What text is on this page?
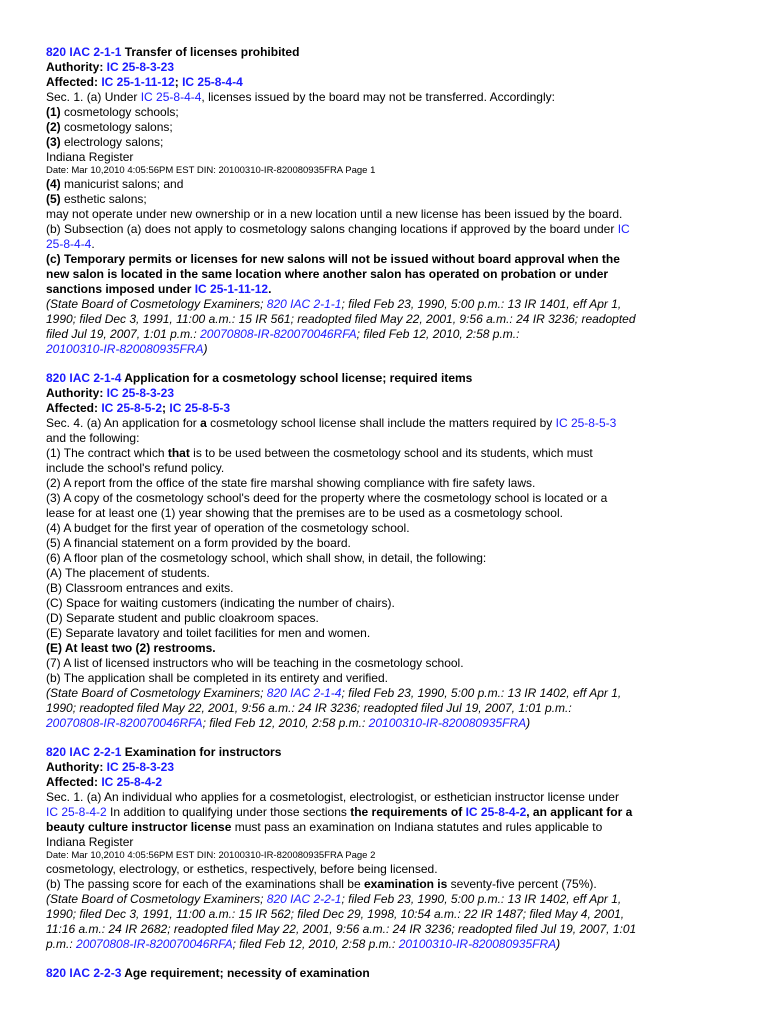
820 IAC 2-1-1 Transfer of licenses prohibited
Authority: IC 25-8-3-23
Affected: IC 25-1-11-12; IC 25-8-4-4
Sec. 1. (a) Under IC 25-8-4-4, licenses issued by the board may not be transferred. Accordingly:
(1) cosmetology schools;
(2) cosmetology salons;
(3) electrology salons;
Indiana Register
Date: Mar 10,2010 4:05:56PM EST DIN: 20100310-IR-820080935FRA Page 1
(4) manicurist salons; and
(5) esthetic salons;
may not operate under new ownership or in a new location until a new license has been issued by the board.
(b) Subsection (a) does not apply to cosmetology salons changing locations if approved by the board under IC
25-8-4-4.
(c) Temporary permits or licenses for new salons will not be issued without board approval when the
new salon is located in the same location where another salon has operated on probation or under
sanctions imposed under IC 25-1-11-12.
(State Board of Cosmetology Examiners; 820 IAC 2-1-1; filed Feb 23, 1990, 5:00 p.m.: 13 IR 1401, eff Apr 1,
1990; filed Dec 3, 1991, 11:00 a.m.: 15 IR 561; readopted filed May 22, 2001, 9:56 a.m.: 24 IR 3236; readopted
filed Jul 19, 2007, 1:01 p.m.: 20070808-IR-820070046RFA; filed Feb 12, 2010, 2:58 p.m.:
20100310-IR-820080935FRA)
820 IAC 2-1-4 Application for a cosmetology school license; required items
Authority: IC 25-8-3-23
Affected: IC 25-8-5-2; IC 25-8-5-3
Sec. 4. (a) An application for a cosmetology school license shall include the matters required by IC 25-8-5-3
and the following:
(1) The contract which that is to be used between the cosmetology school and its students, which must
include the school's refund policy.
(2) A report from the office of the state fire marshal showing compliance with fire safety laws.
(3) A copy of the cosmetology school's deed for the property where the cosmetology school is located or a
lease for at least one (1) year showing that the premises are to be used as a cosmetology school.
(4) A budget for the first year of operation of the cosmetology school.
(5) A financial statement on a form provided by the board.
(6) A floor plan of the cosmetology school, which shall show, in detail, the following:
(A) The placement of students.
(B) Classroom entrances and exits.
(C) Space for waiting customers (indicating the number of chairs).
(D) Separate student and public cloakroom spaces.
(E) Separate lavatory and toilet facilities for men and women.
(E) At least two (2) restrooms.
(7) A list of licensed instructors who will be teaching in the cosmetology school.
(b) The application shall be completed in its entirety and verified.
(State Board of Cosmetology Examiners; 820 IAC 2-1-4; filed Feb 23, 1990, 5:00 p.m.: 13 IR 1402, eff Apr 1,
1990; readopted filed May 22, 2001, 9:56 a.m.: 24 IR 3236; readopted filed Jul 19, 2007, 1:01 p.m.:
20070808-IR-820070046RFA; filed Feb 12, 2010, 2:58 p.m.: 20100310-IR-820080935FRA)
820 IAC 2-2-1 Examination for instructors
Authority: IC 25-8-3-23
Affected: IC 25-8-4-2
Sec. 1. (a) An individual who applies for a cosmetologist, electrologist, or esthetician instructor license under
IC 25-8-4-2 In addition to qualifying under those sections the requirements of IC 25-8-4-2, an applicant for a
beauty culture instructor license must pass an examination on Indiana statutes and rules applicable to
Indiana Register
Date: Mar 10,2010 4:05:56PM EST DIN: 20100310-IR-820080935FRA Page 2
cosmetology, electrology, or esthetics, respectively, before being licensed.
(b) The passing score for each of the examinations shall be examination is seventy-five percent (75%).
(State Board of Cosmetology Examiners; 820 IAC 2-2-1; filed Feb 23, 1990, 5:00 p.m.: 13 IR 1402, eff Apr 1,
1990; filed Dec 3, 1991, 11:00 a.m.: 15 IR 562; filed Dec 29, 1998, 10:54 a.m.: 22 IR 1487; filed May 4, 2001,
11:16 a.m.: 24 IR 2682; readopted filed May 22, 2001, 9:56 a.m.: 24 IR 3236; readopted filed Jul 19, 2007, 1:01
p.m.: 20070808-IR-820070046RFA; filed Feb 12, 2010, 2:58 p.m.: 20100310-IR-820080935FRA)
820 IAC 2-2-3 Age requirement; necessity of examination
